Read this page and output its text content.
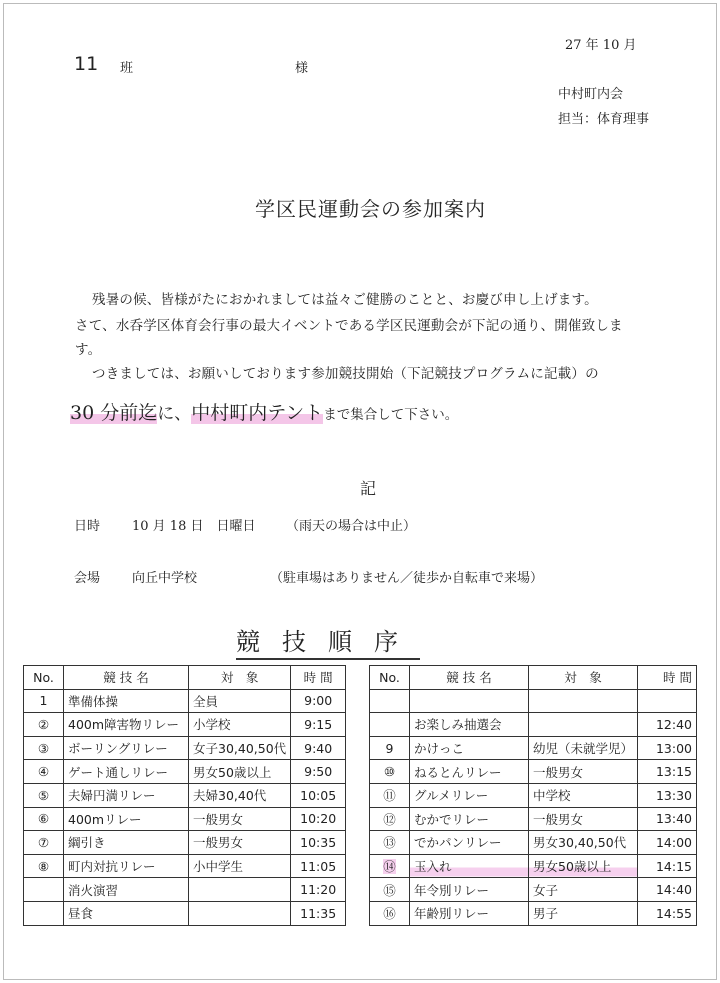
11 班	様
27 年 10 月
中村町内会
担当：体育理事
学区民運動会の参加案内
残暑の候、皆様がたにおかれましては益々ご健勝のことと、お慶び申し上げます。
さて、水呑学区体育会行事の最大イベントである学区民運動会が下記の通り、開催致しま
す。
つきましては、お願いしております参加競技開始（下記競技プログラムに記載）の
30 分前迄に、中村町内テントまで集合して下さい。
記
日時 10 月 18 日　日曜日 （雨天の場合は中止）
会場 向丘中学校	（駐車場はありません／徒歩か自転車で来場）
競技順序
No.	競 技 名	対　象	時 間
1	準備体操	全員	9:00
②	400m障害物リレー	小学校	9:15
③	ボーリングリレー	女子30,40,50代	9:40
④	ゲート通しリレー	男女50歳以上	9:50
⑤	夫婦円満リレー	夫婦30,40代	10:05
⑥	400mリレー	一般男女	10:20
⑦	綱引き	一般男女	10:35
⑧	町内対抗リレー	小中学生	11:05
	消火演習		11:20
	昼食		11:35
No.	競 技 名	対　象	時 間

	お楽しみ抽選会		12:40
9	かけっこ	幼児（未就学児）	13:00
⑩	ねるとんリレー	一般男女	13:15
⑪	グルメリレー	中学校	13:30
⑫	むかでリレー	一般男女	13:40
⑬	でかパンリレー	男女30,40,50代	14:00
⑭	玉入れ	男女50歳以上	14:15
⑮	年令別リレー	女子	14:40
⑯	年齢別リレー	男子	14:55
